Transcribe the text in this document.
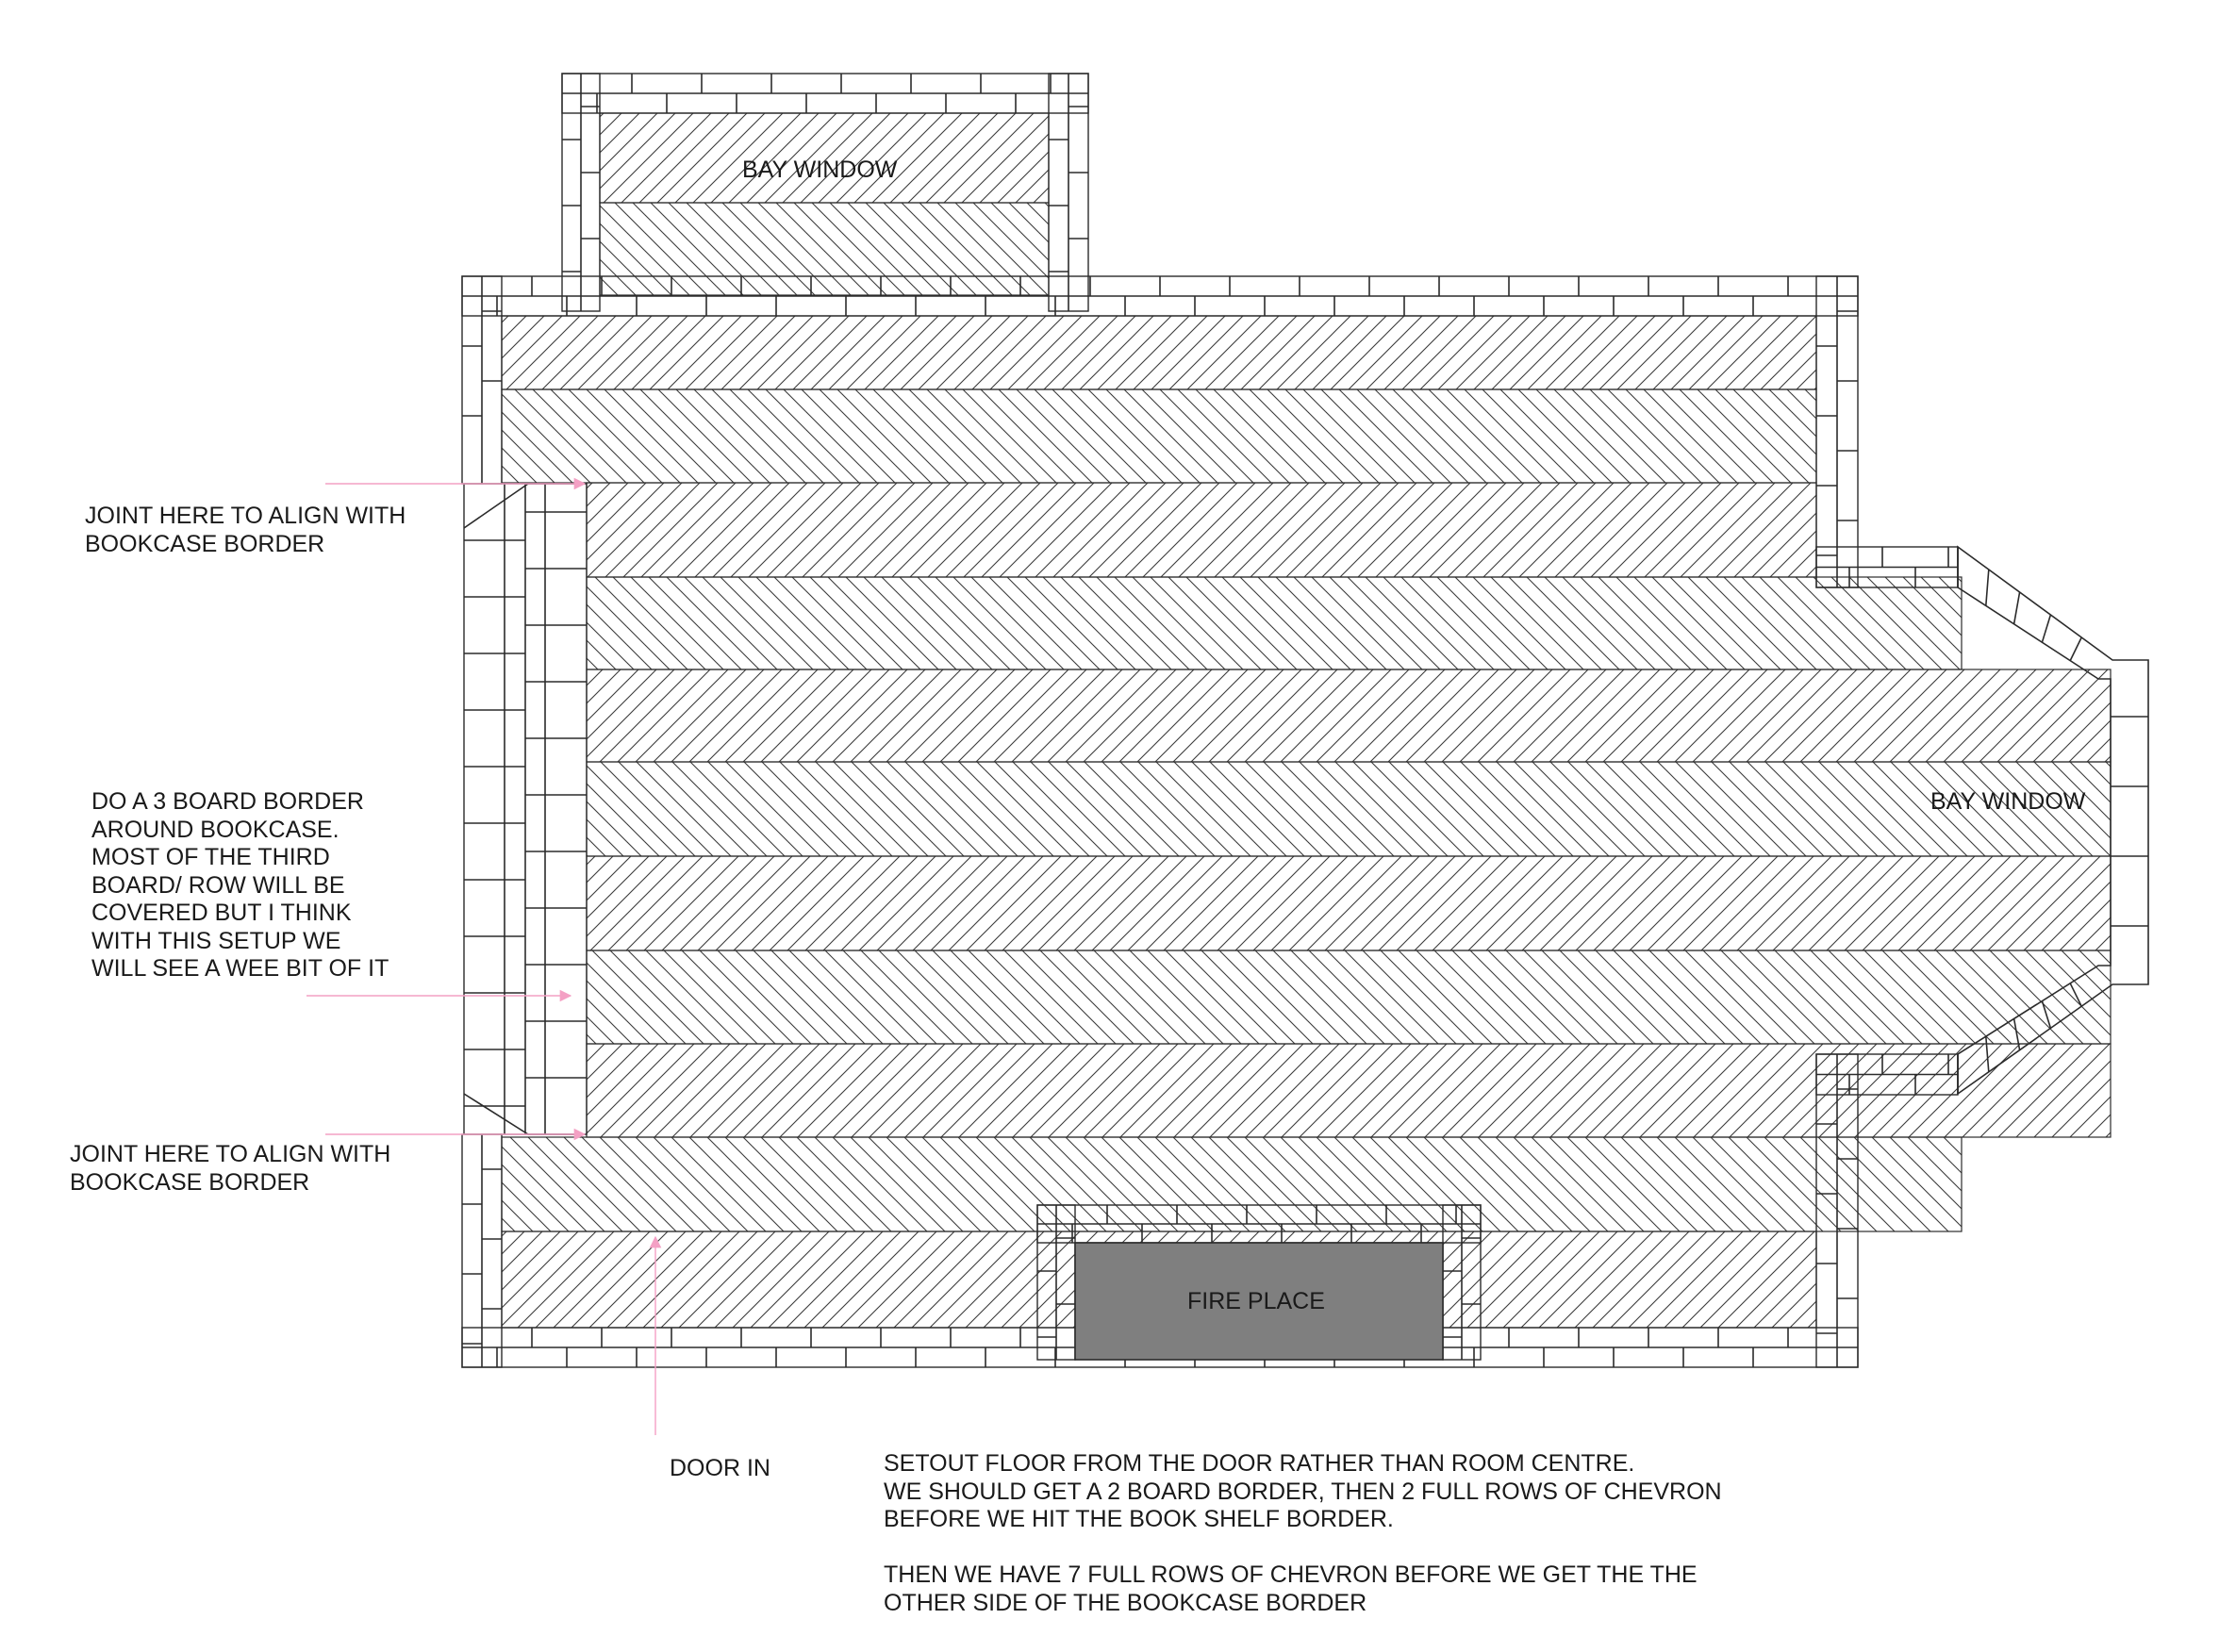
BAY WINDOW

BAY WINDOW

FIRE PLACE

DOOR IN

JOINT HERE TO ALIGN WITH
BOOKCASE BORDER

DO A 3 BOARD BORDER
AROUND BOOKCASE.
MOST OF THE THIRD
BOARD/ ROW WILL BE
COVERED BUT I THINK
WITH THIS SETUP WE
WILL SEE A WEE BIT OF IT

JOINT HERE TO ALIGN WITH
BOOKCASE BORDER

SETOUT FLOOR FROM THE DOOR RATHER THAN ROOM CENTRE.
WE SHOULD GET A 2 BOARD BORDER, THEN 2 FULL ROWS OF CHEVRON
BEFORE WE HIT THE BOOK SHELF BORDER.

THEN WE HAVE 7 FULL ROWS OF CHEVRON BEFORE WE GET THE THE
OTHER SIDE OF THE BOOKCASE BORDER
